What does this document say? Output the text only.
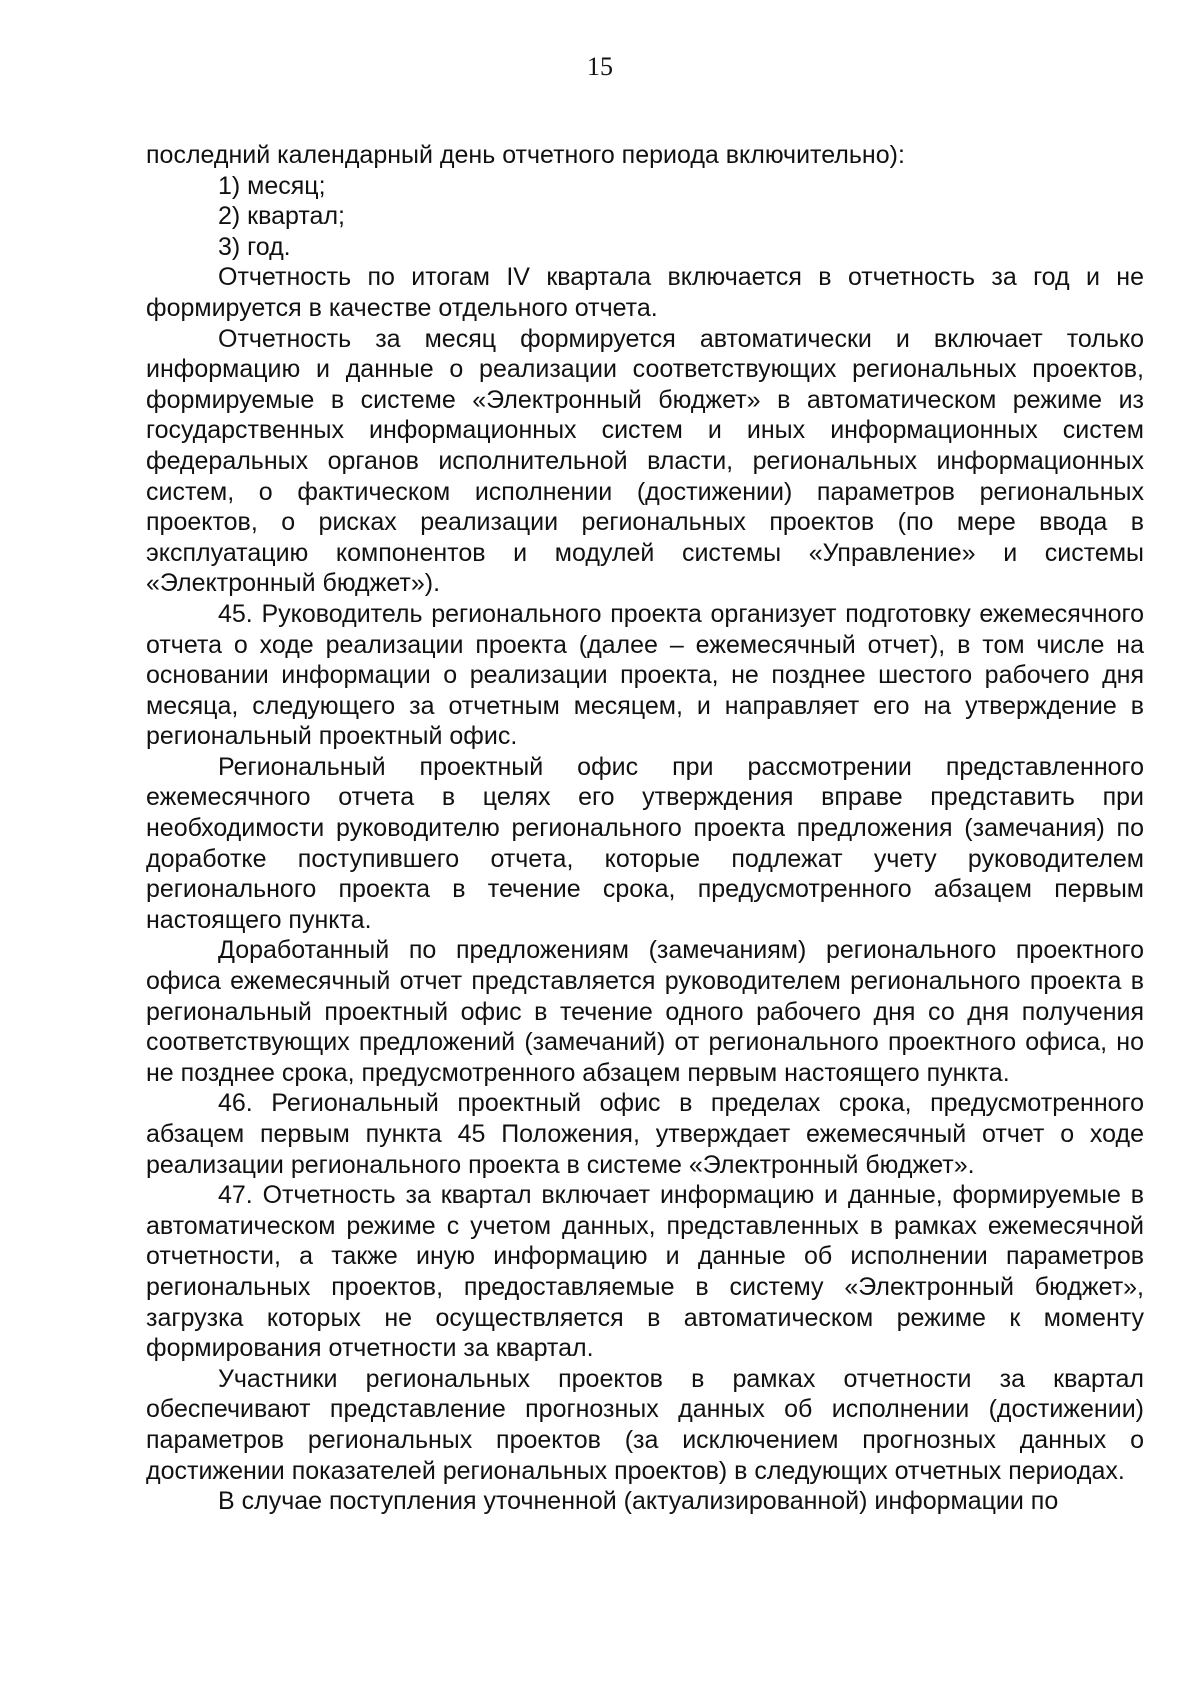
15

последний календарный день отчетного периода включительно):

1) месяц;

2) квартал;

3) год.

Отчетность по итогам IV квартала включается в отчетность за год и не формируется в качестве отдельного отчета.

Отчетность за месяц формируется автоматически и включает только информацию и данные о реализации соответствующих региональных проектов, формируемые в системе «Электронный бюджет» в автоматическом режиме из государственных информационных систем и иных информационных систем федеральных органов исполнительной власти, региональных информационных систем, о фактическом исполнении (достижении) параметров региональных проектов, о рисках реализации региональных проектов (по мере ввода в эксплуатацию компонентов и модулей системы «Управление» и системы «Электронный бюджет»).

45. Руководитель регионального проекта организует подготовку ежемесячного отчета о ходе реализации проекта (далее – ежемесячный отчет), в том числе на основании информации о реализации проекта, не позднее шестого рабочего дня месяца, следующего за отчетным месяцем, и направляет его на утверждение в региональный проектный офис.

Региональный проектный офис при рассмотрении представленного ежемесячного отчета в целях его утверждения вправе представить при необходимости руководителю регионального проекта предложения (замечания) по доработке поступившего отчета, которые подлежат учету руководителем регионального проекта в течение срока, предусмотренного абзацем первым настоящего пункта.

Доработанный по предложениям (замечаниям) регионального проектного офиса ежемесячный отчет представляется руководителем регионального проекта в региональный проектный офис в течение одного рабочего дня со дня получения соответствующих предложений (замечаний) от регионального проектного офиса, но не позднее срока, предусмотренного абзацем первым настоящего пункта.

46. Региональный проектный офис в пределах срока, предусмотренного абзацем первым пункта 45 Положения, утверждает ежемесячный отчет о ходе реализации регионального проекта в системе «Электронный бюджет».

47. Отчетность за квартал включает информацию и данные, формируемые в автоматическом режиме с учетом данных, представленных в рамках ежемесячной отчетности, а также иную информацию и данные об исполнении параметров региональных проектов, предоставляемые в систему «Электронный бюджет», загрузка которых не осуществляется в автоматическом режиме к моменту формирования отчетности за квартал.

Участники региональных проектов в рамках отчетности за квартал обеспечивают представление прогнозных данных об исполнении (достижении) параметров региональных проектов (за исключением прогнозных данных о достижении показателей региональных проектов) в следующих отчетных периодах.

В случае поступления уточненной (актуализированной) информации по
